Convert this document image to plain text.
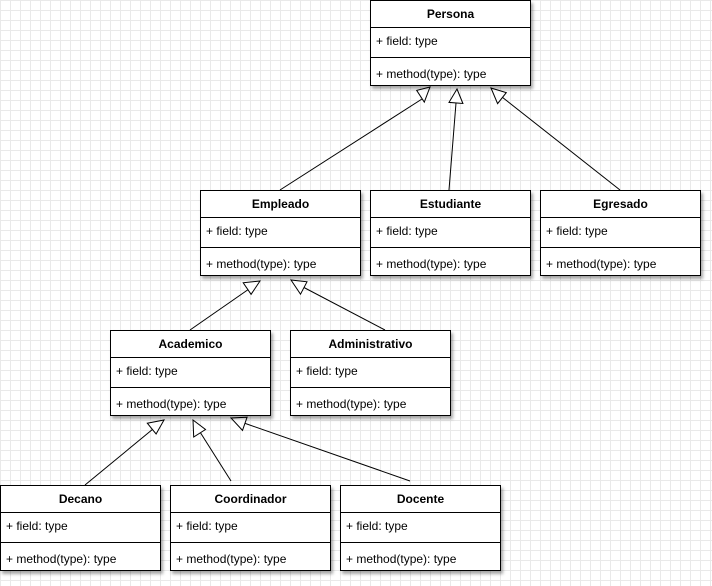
Persona
+ field: type
+ method(type): type
Empleado
+ field: type
+ method(type): type
Estudiante
+ field: type
+ method(type): type
Egresado
+ field: type
+ method(type): type
Academico
+ field: type
+ method(type): type
Administrativo
+ field: type
+ method(type): type
Decano
+ field: type
+ method(type): type
Coordinador
+ field: type
+ method(type): type
Docente
+ field: type
+ method(type): type
